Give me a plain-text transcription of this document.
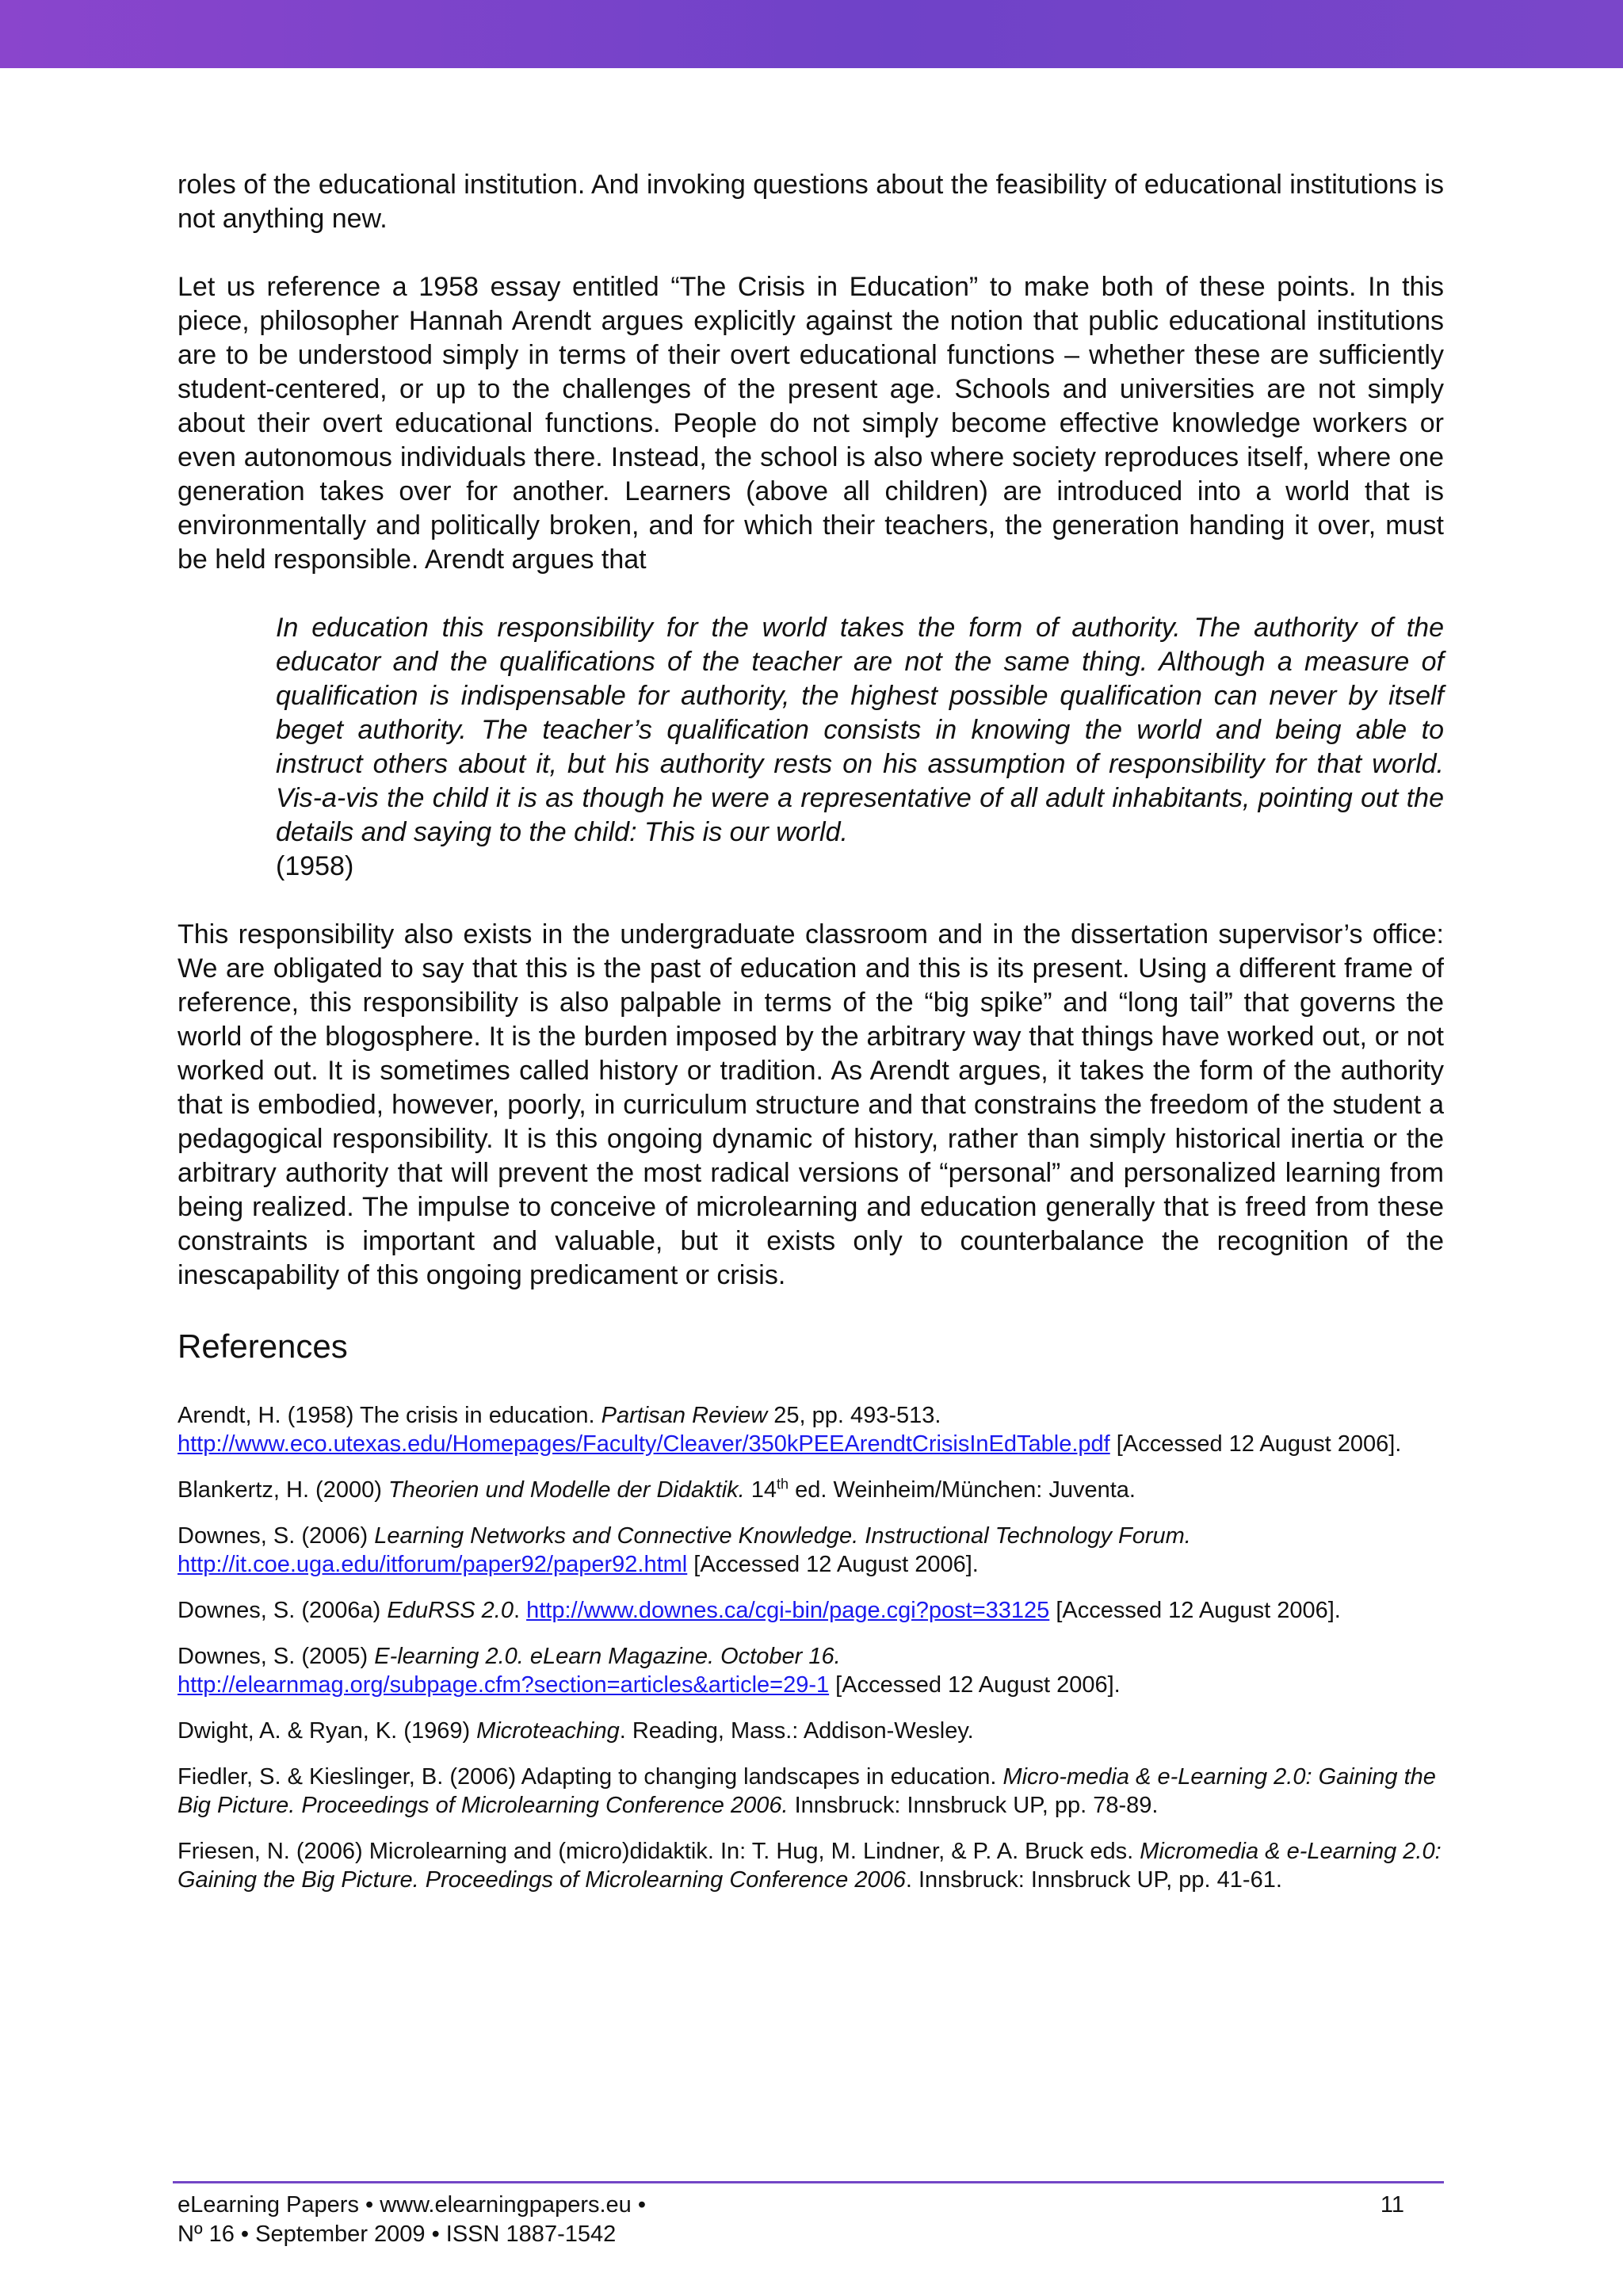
roles of the educational institution. And invoking questions about the feasibility of educational institutions is not anything new.

Let us reference a 1958 essay entitled “The Crisis in Education” to make both of these points. In this piece, philosopher Hannah Arendt argues explicitly against the notion that public educational institutions are to be understood simply in terms of their overt educational functions – whether these are sufficiently student-centered, or up to the challenges of the present age. Schools and universities are not simply about their overt educational functions. People do not simply become effective knowledge workers or even autonomous individuals there. Instead, the school is also where society reproduces itself, where one generation takes over for another. Learners (above all children) are introduced into a world that is environmentally and politically broken, and for which their teachers, the generation handing it over, must be held responsible. Arendt argues that

In education this responsibility for the world takes the form of authority. The authority of the educator and the qualifications of the teacher are not the same thing. Although a measure of qualification is indispensable for authority, the highest possible qualification can never by itself beget authority. The teacher’s qualification consists in knowing the world and being able to instruct others about it, but his authority rests on his assumption of responsibility for that world. Vis-a-vis the child it is as though he were a representative of all adult inhabitants, pointing out the details and saying to the child: This is our world.
(1958)

This responsibility also exists in the undergraduate classroom and in the dissertation supervisor’s office: We are obligated to say that this is the past of education and this is its present. Using a different frame of reference, this responsibility is also palpable in terms of the “big spike” and “long tail” that governs the world of the blogosphere. It is the burden imposed by the arbitrary way that things have worked out, or not worked out. It is sometimes called history or tradition. As Arendt argues, it takes the form of the authority that is embodied, however, poorly, in curriculum structure and that constrains the freedom of the student a pedagogical responsibility. It is this ongoing dynamic of history, rather than simply historical inertia or the arbitrary authority that will prevent the most radical versions of “personal” and personalized learning from being realized. The impulse to conceive of microlearning and education generally that is freed from these constraints is important and valuable, but it exists only to counterbalance the recognition of the inescapability of this ongoing predicament or crisis.

References

Arendt, H. (1958) The crisis in education. Partisan Review 25, pp. 493-513.
http://www.eco.utexas.edu/Homepages/Faculty/Cleaver/350kPEEArendtCrisisInEdTable.pdf [Accessed 12 August 2006].

Blankertz, H. (2000) Theorien und Modelle der Didaktik. 14th ed. Weinheim/München: Juventa.

Downes, S. (2006) Learning Networks and Connective Knowledge. Instructional Technology Forum.
http://it.coe.uga.edu/itforum/paper92/paper92.html [Accessed 12 August 2006].

Downes, S. (2006a) EduRSS 2.0. http://www.downes.ca/cgi-bin/page.cgi?post=33125 [Accessed 12 August 2006].

Downes, S. (2005) E-learning 2.0. eLearn Magazine. October 16.
http://elearnmag.org/subpage.cfm?section=articles&article=29-1 [Accessed 12 August 2006].

Dwight, A. & Ryan, K. (1969) Microteaching. Reading, Mass.: Addison-Wesley.

Fiedler, S. & Kieslinger, B. (2006) Adapting to changing landscapes in education. Micro-media & e-Learning 2.0: Gaining the Big Picture. Proceedings of Microlearning Conference 2006. Innsbruck: Innsbruck UP, pp. 78-89.

Friesen, N. (2006) Microlearning and (micro)didaktik. In: T. Hug, M. Lindner, & P. A. Bruck eds. Micromedia & e-Learning 2.0: Gaining the Big Picture. Proceedings of Microlearning Conference 2006. Innsbruck: Innsbruck UP, pp. 41-61.

eLearning Papers • www.elearningpapers.eu •
Nº 16 • September 2009 • ISSN 1887-1542
11
